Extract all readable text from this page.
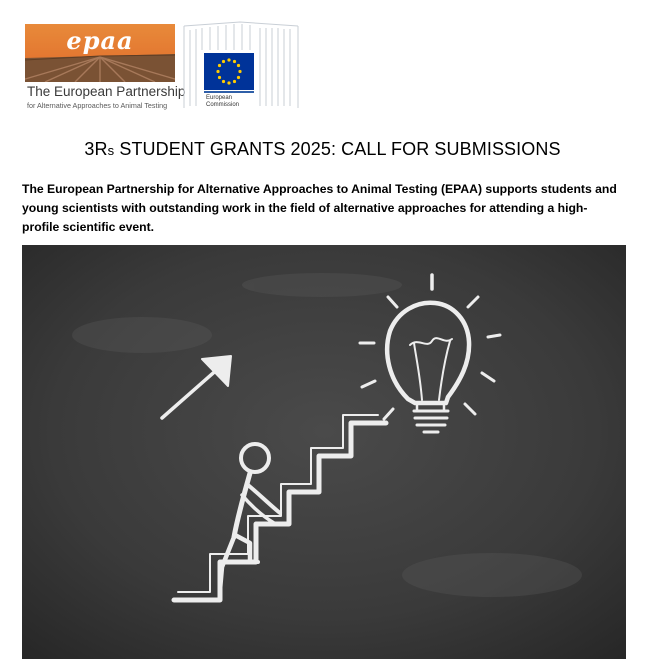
epaa
The European Partnership
for Alternative Approaches to Animal Testing
European
Commission
3Rs STUDENT GRANTS 2025: CALL FOR SUBMISSIONS

The European Partnership for Alternative Approaches to Animal Testing (EPAA) supports students and young scientists with outstanding work in the field of alternative approaches for attending a high-profile scientific event.
